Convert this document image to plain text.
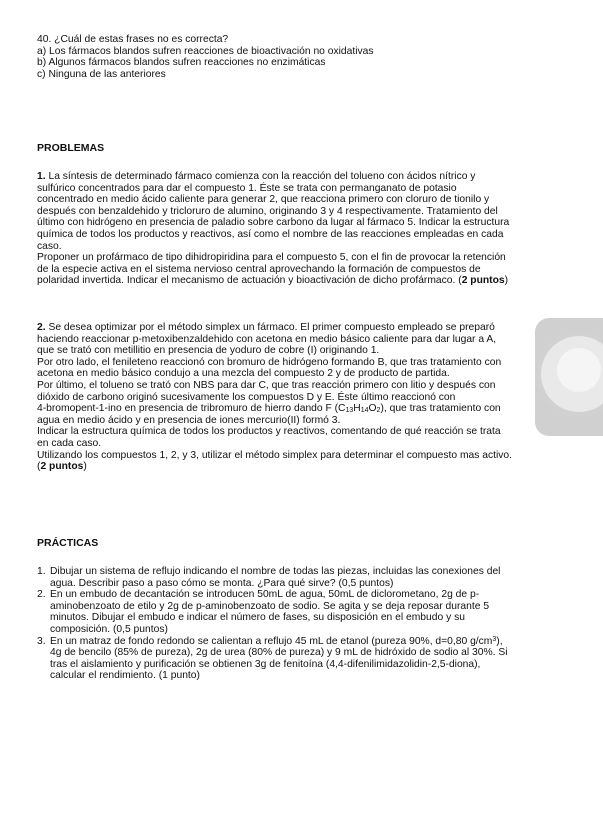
40. ¿Cuál de estas frases no es correcta?
a) Los fármacos blandos sufren reacciones de bioactivación no oxidativas
b) Algunos fármacos blandos sufren reacciones no enzimáticas
c) Ninguna de las anteriores
PROBLEMAS
1. La síntesis de determinado fármaco comienza con la reacción del tolueno con ácidos nítrico y
sulfúrico concentrados para dar el compuesto 1. Éste se trata con permanganato de potasio
concentrado en medio ácido caliente para generar 2, que reacciona primero con cloruro de tionilo y
después con benzaldehido y tricloruro de alumino, originando 3 y 4 respectivamente. Tratamiento del
último con hidrógeno en presencia de paladio sobre carbono da lugar al fármaco 5. Indicar la estructura
química de todos los productos y reactivos, así como el nombre de las reacciones empleadas en cada
caso.
Proponer un profármaco de tipo dihidropiridina para el compuesto 5, con el fin de provocar la retención
de la especie activa en el sistema nervioso central aprovechando la formación de compuestos de
polaridad invertida. Indicar el mecanismo de actuación y bioactivación de dicho profármaco. (2 puntos)
2. Se desea optimizar por el método simplex un fármaco. El primer compuesto empleado se preparó
haciendo reaccionar p-metoxibenzaldehido con acetona en medio básico caliente para dar lugar a A,
que se trató con metillitio en presencia de yoduro de cobre (I) originando 1.
Por otro lado, el fenileteno reaccionó con bromuro de hidrógeno formando B, que tras tratamiento con
acetona en medio básico condujo a una mezcla del compuesto 2 y de producto de partida.
Por último, el tolueno se trató con NBS para dar C, que tras reacción primero con litio y después con
dióxido de carbono originó sucesivamente los compuestos D y E. Éste último reaccionó con
4-bromopent-1-ino en presencia de tribromuro de hierro dando F $(C_{13}H_{14}O_2)$, que tras tratamiento con
agua en medio ácido y en presencia de iones mercurio(II) formó 3.
Indicar la estructura química de todos los productos y reactivos, comentando de qué reacción se trata
en cada caso.
Utilizando los compuestos 1, 2, y 3, utilizar el método simplex para determinar el compuesto mas activo.
(2 puntos)
PRÁCTICAS
1. Dibujar un sistema de reflujo indicando el nombre de todas las piezas, incluidas las conexiones del
agua. Describir paso a paso cómo se monta. ¿Para qué sirve? (0,5 puntos)
2. En un embudo de decantación se introducen 50mL de agua, 50mL de diclorometano, 2g de p-
aminobenzoato de etilo y 2g de p-aminobenzoato de sodio. Se agita y se deja reposar durante 5
minutos. Dibujar el embudo e indicar el número de fases, su disposición en el embudo y su
composición. (0,5 puntos)
3. En un matraz de fondo redondo se calientan a reflujo 45 mL de etanol (pureza 90%, d=0,80 $g/cm^3$),
4g de bencilo (85% de pureza), 2g de urea (80% de pureza) y 9 mL de hidróxido de sodio al 30%. Si
tras el aislamiento y purificación se obtienen 3g de fenitoína (4,4-difenilimidazolidin-2,5-diona),
calcular el rendimiento. (1 punto)
